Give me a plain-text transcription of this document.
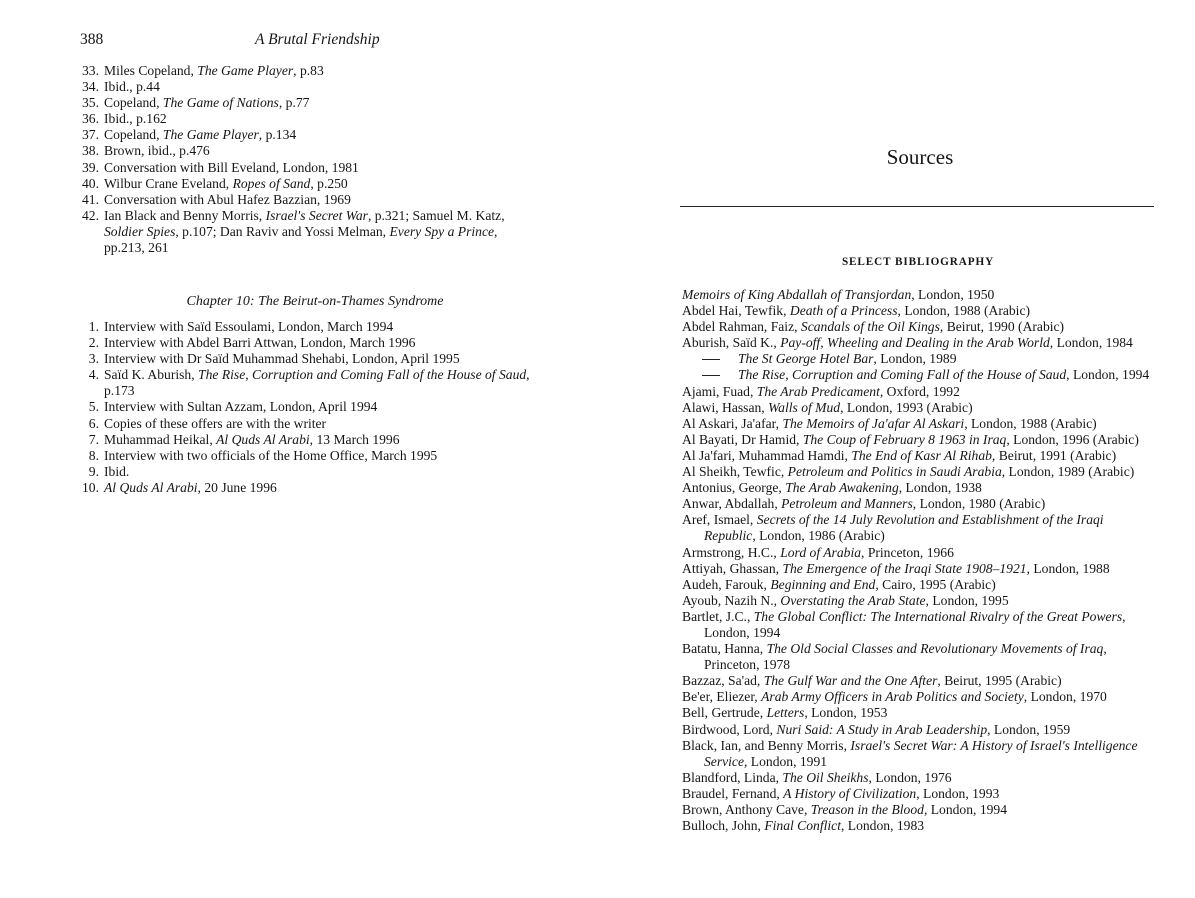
388	A Brutal Friendship
33. Miles Copeland, The Game Player, p.83
34. Ibid., p.44
35. Copeland, The Game of Nations, p.77
36. Ibid., p.162
37. Copeland, The Game Player, p.134
38. Brown, ibid., p.476
39. Conversation with Bill Eveland, London, 1981
40. Wilbur Crane Eveland, Ropes of Sand, p.250
41. Conversation with Abul Hafez Bazzian, 1969
42. Ian Black and Benny Morris, Israel's Secret War, p.321; Samuel M. Katz,
Soldier Spies, p.107; Dan Raviv and Yossi Melman, Every Spy a Prince,
pp.213, 261
Chapter 10: The Beirut-on-Thames Syndrome
1. Interview with Saïd Essoulami, London, March 1994
2. Interview with Abdel Barri Attwan, London, March 1996
3. Interview with Dr Saïd Muhammad Shehabi, London, April 1995
4. Saïd K. Aburish, The Rise, Corruption and Coming Fall of the House of Saud,
p.173
5. Interview with Sultan Azzam, London, April 1994
6. Copies of these offers are with the writer
7. Muhammad Heikal, Al Quds Al Arabi, 13 March 1996
8. Interview with two officials of the Home Office, March 1995
9. Ibid.
10. Al Quds Al Arabi, 20 June 1996
Sources
SELECT BIBLIOGRAPHY
Memoirs of King Abdallah of Transjordan, London, 1950
Abdel Hai, Tewfik, Death of a Princess, London, 1988 (Arabic)
Abdel Rahman, Faiz, Scandals of the Oil Kings, Beirut, 1990 (Arabic)
Aburish, Saïd K., Pay-off, Wheeling and Dealing in the Arab World, London, 1984
The St George Hotel Bar, London, 1989
The Rise, Corruption and Coming Fall of the House of Saud, London, 1994
Ajami, Fuad, The Arab Predicament, Oxford, 1992
Alawi, Hassan, Walls of Mud, London, 1993 (Arabic)
Al Askari, Ja'afar, The Memoirs of Ja'afar Al Askari, London, 1988 (Arabic)
Al Bayati, Dr Hamid, The Coup of February 8 1963 in Iraq, London, 1996 (Arabic)
Al Ja'fari, Muhammad Hamdi, The End of Kasr Al Rihab, Beirut, 1991 (Arabic)
Al Sheikh, Tewfic, Petroleum and Politics in Saudi Arabia, London, 1989 (Arabic)
Antonius, George, The Arab Awakening, London, 1938
Anwar, Abdallah, Petroleum and Manners, London, 1980 (Arabic)
Aref, Ismael, Secrets of the 14 July Revolution and Establishment of the Iraqi
Republic, London, 1986 (Arabic)
Armstrong, H.C., Lord of Arabia, Princeton, 1966
Attiyah, Ghassan, The Emergence of the Iraqi State 1908–1921, London, 1988
Audeh, Farouk, Beginning and End, Cairo, 1995 (Arabic)
Ayoub, Nazih N., Overstating the Arab State, London, 1995
Bartlet, J.C., The Global Conflict: The International Rivalry of the Great Powers,
London, 1994
Batatu, Hanna, The Old Social Classes and Revolutionary Movements of Iraq,
Princeton, 1978
Bazzaz, Sa'ad, The Gulf War and the One After, Beirut, 1995 (Arabic)
Be'er, Eliezer, Arab Army Officers in Arab Politics and Society, London, 1970
Bell, Gertrude, Letters, London, 1953
Birdwood, Lord, Nuri Said: A Study in Arab Leadership, London, 1959
Black, Ian, and Benny Morris, Israel's Secret War: A History of Israel's Intelligence
Service, London, 1991
Blandford, Linda, The Oil Sheikhs, London, 1976
Braudel, Fernand, A History of Civilization, London, 1993
Brown, Anthony Cave, Treason in the Blood, London, 1994
Bulloch, John, Final Conflict, London, 1983
